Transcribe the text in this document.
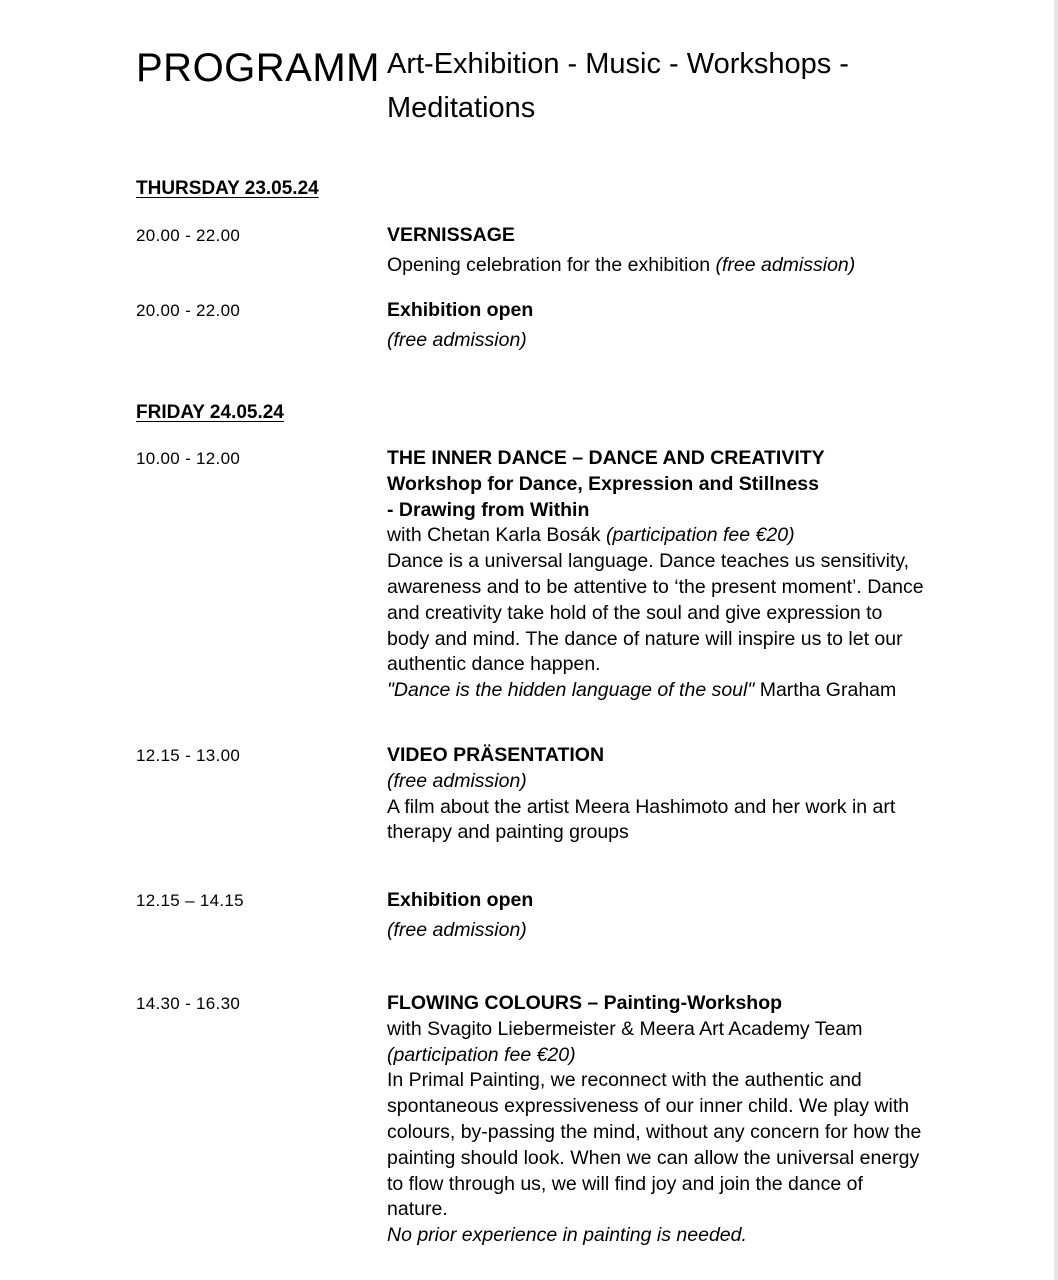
PROGRAMM Art-Exhibition - Music - Workshops - Meditations
THURSDAY 23.05.24
20.00 - 22.00	VERNISSAGE

Opening celebration for the exhibition (free admission)

20.00 - 22.00	Exhibition open

(free admission)

FRIDAY 24.05.24
10.00 - 12.00	THE INNER DANCE – DANCE AND CREATIVITY

Workshop for Dance, Expression and Stillness - Drawing from Within

with Chetan Karla Bosák (participation fee €20)

Dance is a universal language. Dance teaches us sensitivity, awareness and to be attentive to ‘the present moment’. Dance and creativity take hold of the soul and give expression to body and mind. The dance of nature will inspire us to let our authentic dance happen.

"Dance is the hidden language of the soul" Martha Graham

12.15 - 13.00	VIDEO PRÄSENTATION

(free admission)

A film about the artist Meera Hashimoto and her work in art therapy and painting groups

12.15 – 14.15	Exhibition open

(free admission)

14.30 - 16.30	FLOWING COLOURS – Painting-Workshop

with Svagito Liebermeister & Meera Art Academy Team

(participation fee €20)

In Primal Painting, we reconnect with the authentic and spontaneous expressiveness of our inner child. We play with colours, by-passing the mind, without any concern for how the painting should look. When we can allow the universal energy to flow through us, we will find joy and join the dance of nature.

No prior experience in painting is needed.
